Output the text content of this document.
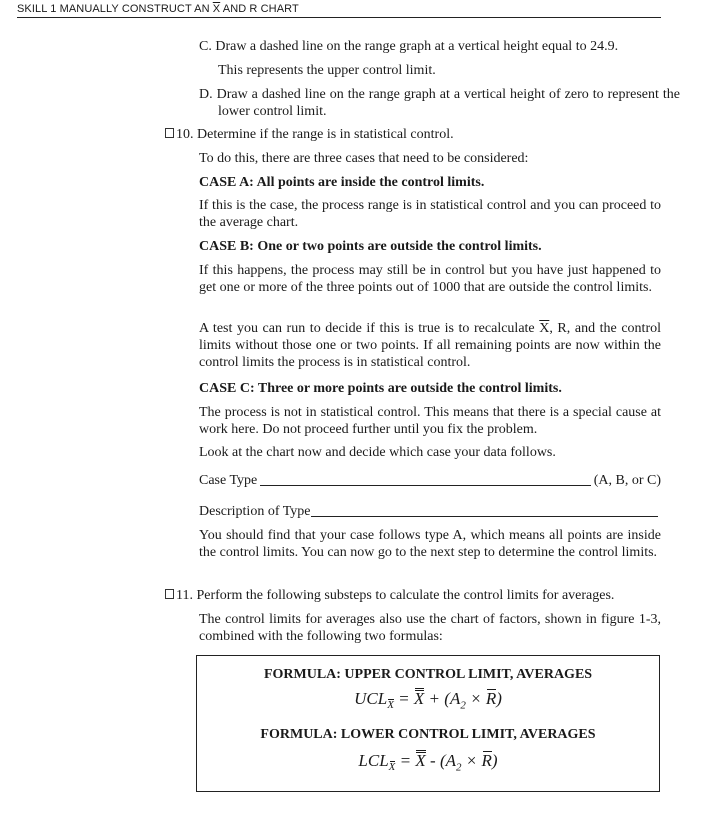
SKILL 1 MANUALLY CONSTRUCT AN $\overline{X}$ AND R CHART

C. Draw a dashed line on the range graph at a vertical height equal to 24.9.

This represents the upper control limit.

D. Draw a dashed line on the range graph at a vertical height of zero to represent the lower control limit.

10. Determine if the range is in statistical control.

To do this, there are three cases that need to be considered:

CASE A: All points are inside the control limits.

If this is the case, the process range is in statistical control and you can proceed to the average chart.

CASE B: One or two points are outside the control limits.

If this happens, the process may still be in control but you have just happened to get one or more of the three points out of 1000 that are outside the control limits.

A test you can run to decide if this is true is to recalculate $\overline{X}$, R, and the control limits without those one or two points. If all remaining points are now within the control limits the process is in statistical control.

CASE C: Three or more points are outside the control limits.

The process is not in statistical control. This means that there is a special cause at work here. Do not proceed further until you fix the problem.

Look at the chart now and decide which case your data follows.

Case Type	(A, B, or C)
Description of Type

You should find that your case follows type A, which means all points are inside the control limits. You can now go to the next step to determine the control limits.

11. Perform the following substeps to calculate the control limits for averages.

The control limits for averages also use the chart of factors, shown in figure 1-3, combined with the following two formulas:

FORMULA: UPPER CONTROL LIMIT, AVERAGES
$UCL_X = X + (A_2 \times R)$
FORMULA: LOWER CONTROL LIMIT, AVERAGES
$LCL_X = X - (A_2 \times R)$
